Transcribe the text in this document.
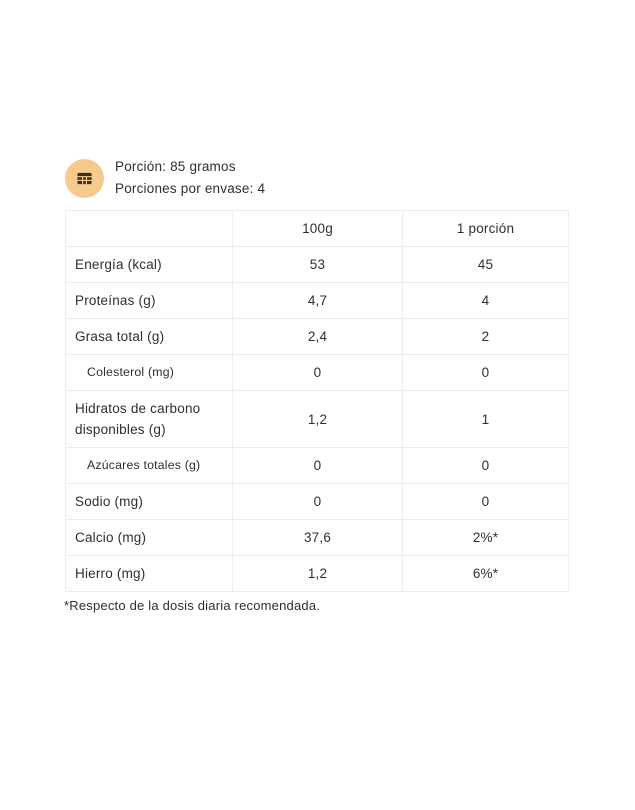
Porción: 85 gramos
Porciones por envase: 4
	100g	1 porción
Energía (kcal)	53	45
Proteínas (g)	4,7	4
Grasa total (g)	2,4	2
Colesterol (mg)	0	0
Hidratos de carbono disponibles (g)	1,2	1
Azúcares totales (g)	0	0
Sodio (mg)	0	0
Calcio (mg)	37,6	2%*
Hierro (mg)	1,2	6%*
*Respecto de la dosis diaria recomendada.
